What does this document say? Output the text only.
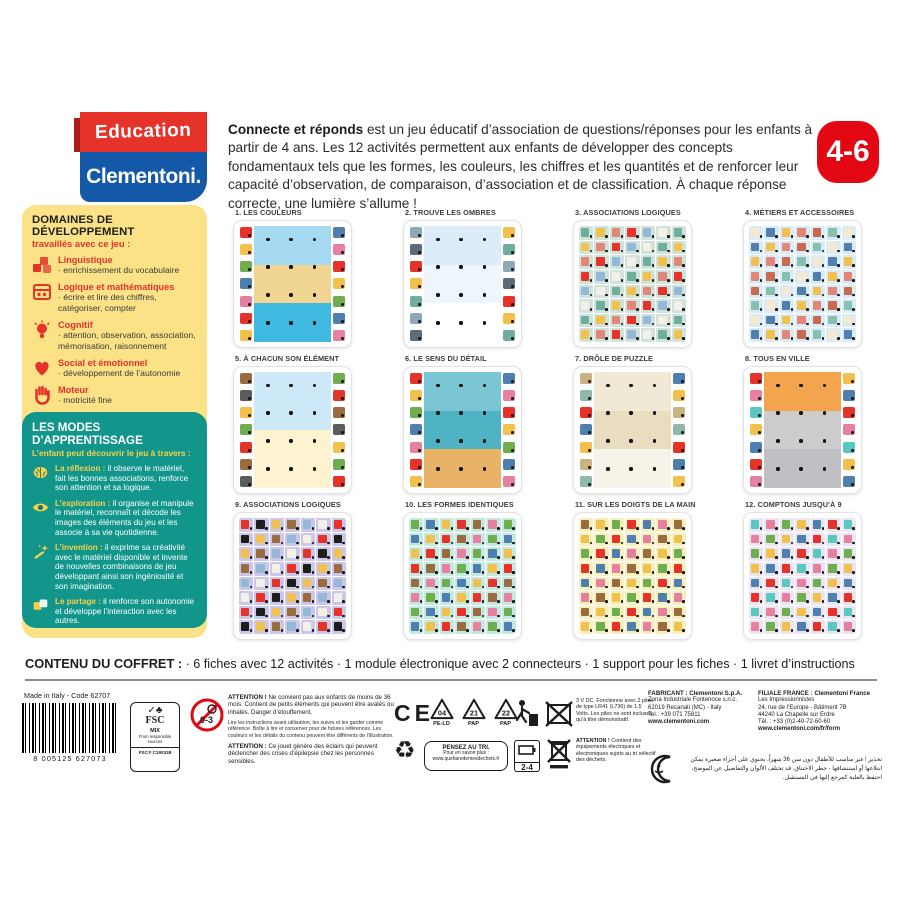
Education
Clementoni.
Connecte et réponds est un jeu éducatif d’association de questions/réponses pour les enfants à partir de 4 ans. Les 12 activités permettent aux enfants de développer des concepts fondamentaux tels que les formes, les couleurs, les chiffres et les quantités et de renforcer leur capacité d’observation, de comparaison, d’association et de classification. À chaque réponse correcte, une lumière s’allume !
4-6
DOMAINES DE DÉVELOPPEMENT
travaillés avec ce jeu :
Linguistique
· enrichissement du vocabulaire
Logique et mathématiques
· écrire et lire des chiffres, catégoriser, compter
Cognitif
· attention, observation, association, mémorisation, raisonnement
Social et émotionnel
· développement de l’autonomie
Moteur
· motricité fine
LES MODES D’APPRENTISSAGE
L’enfant peut découvrir le jeu à travers :
La réflexion : il observe le matériel, fait les bonnes associations, renforce son attention et sa logique.
L’exploration : il organise et manipule le matériel, reconnaît et décode les images des éléments du jeu et les associe à sa vie quotidienne.
L’invention : il exprime sa créativité avec le matériel disponible et invente de nouvelles combinaisons de jeu développant ainsi son ingéniosité et son imagination.
Le partage : il renforce son autonomie et développe l’interaction avec les autres.
1. LES COULEURS	2. TROUVE LES OMBRES	3. ASSOCIATIONS LOGIQUES	4. MÉTIERS ET ACCESSOIRES
5. À CHACUN SON ÉLÉMENT	6. LE SENS DU DÉTAIL	7. DRÔLE DE PUZZLE	8. TOUS EN VILLE
9. ASSOCIATIONS LOGIQUES	10. LES FORMES IDENTIQUES	11. SUR LES DOIGTS DE LA MAIN	12. COMPTONS JUSQU'À 9
CONTENU DU COFFRET : · 6 fiches avec 12 activités · 1 module électronique avec 2 connecteurs · 1 support pour les fiches · 1 livret d’instructions
Made in Italy - Code 62707
8 005125 627073
✓♣
FSC
MIX
From responsible sources
FSC® C190338
0-3

ATTENTION ! Ne convient pas aux enfants de moins de 36 mois. Contient de petits éléments qui peuvent être avalés ou inhalés. Danger d’étouffement.

Lire les instructions avant utilisation, les suivre et les garder comme référence. Boîte à lire et conserver pour de futures références. Les couleurs et les détails du contenu peuvent être différents de l’illustration.

ATTENTION : Ce jouet génère des éclairs qui peuvent déclencher des crises d’épilepsie chez les personnes sensibles.

CE 04
PE-LD
21
PAP
22
PAP
3 V DC. Fonctionne avec 2 piles de type LR41 (L736) de 1,5 Volts. Les piles ne sont incluses qu’à titre démonstratif.
♻	PENSEZ AU TRI.
Pour en savoir plus :
www.quefairedemesdechets.fr
2-4
ATTENTION ! Contient des équipements électriques et électroniques sujets au tri sélectif des déchets.
FABRICANT : Clementoni S.p.A.
Zona Industriale Fontenoce s.n.c.
62019 Recanati (MC) - Italy
Tel.: +39 071 75811
www.clementoni.com
FILIALE FRANCE : Clementoni France
Les Impressionnistes
24, rue de l’Europe - Bâtiment 7B
44240 La Chapelle sur Erdre
Tél. : +33 (0)2-40-72-60-60
www.clementoni.com/fr/form
تحذير ! غير مناسب للأطفال دون سن 36 شهراً، يحتوي على أجزاء صغيرة يمكن ابتلاعها أو استنشاقها - خطر الاختناق. قد تختلف الألوان والتفاصيل عن الموضح، احتفظ بالعلبة كمرجع إليها في المستقبل.
